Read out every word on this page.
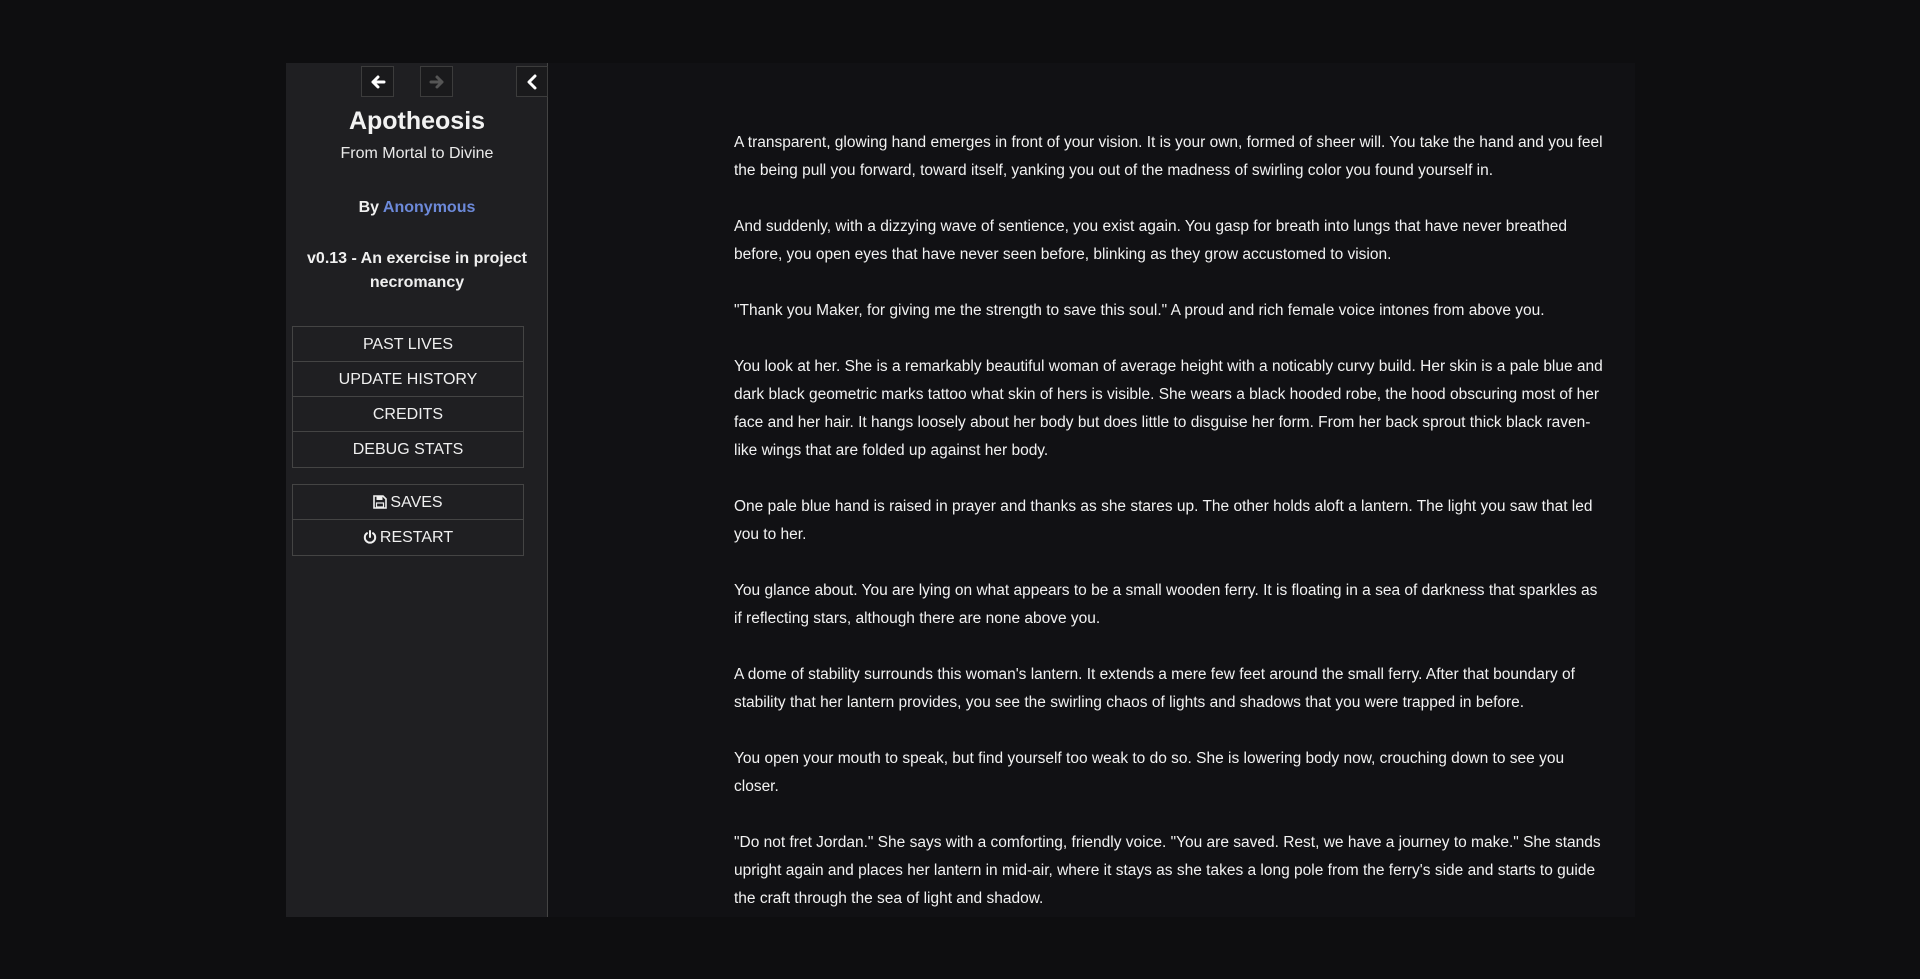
Apotheosis
From Mortal to Divine
By Anonymous
v0.13 - An exercise in project necromancy
PAST LIVES
UPDATE HISTORY
CREDITS
DEBUG STATS
SAVES
RESTART

A transparent, glowing hand emerges in front of your vision. It is your own, formed of sheer will. You take the hand and you feel the being pull you forward, toward itself, yanking you out of the madness of swirling color you found yourself in.

And suddenly, with a dizzying wave of sentience, you exist again. You gasp for breath into lungs that have never breathed before, you open eyes that have never seen before, blinking as they grow accustomed to vision.

"Thank you Maker, for giving me the strength to save this soul." A proud and rich female voice intones from above you.

You look at her. She is a remarkably beautiful woman of average height with a noticably curvy build. Her skin is a pale blue and dark black geometric marks tattoo what skin of hers is visible. She wears a black hooded robe, the hood obscuring most of her face and her hair. It hangs loosely about her body but does little to disguise her form. From her back sprout thick black raven-like wings that are folded up against her body.

One pale blue hand is raised in prayer and thanks as she stares up. The other holds aloft a lantern. The light you saw that led you to her.

You glance about. You are lying on what appears to be a small wooden ferry. It is floating in a sea of darkness that sparkles as if reflecting stars, although there are none above you.

A dome of stability surrounds this woman's lantern. It extends a mere few feet around the small ferry. After that boundary of stability that her lantern provides, you see the swirling chaos of lights and shadows that you were trapped in before.

You open your mouth to speak, but find yourself too weak to do so. She is lowering body now, crouching down to see you closer.

"Do not fret Jordan." She says with a comforting, friendly voice. "You are saved. Rest, we have a journey to make." She stands upright again and places her lantern in mid-air, where it stays as she takes a long pole from the ferry's side and starts to guide the craft through the sea of light and shadow.
